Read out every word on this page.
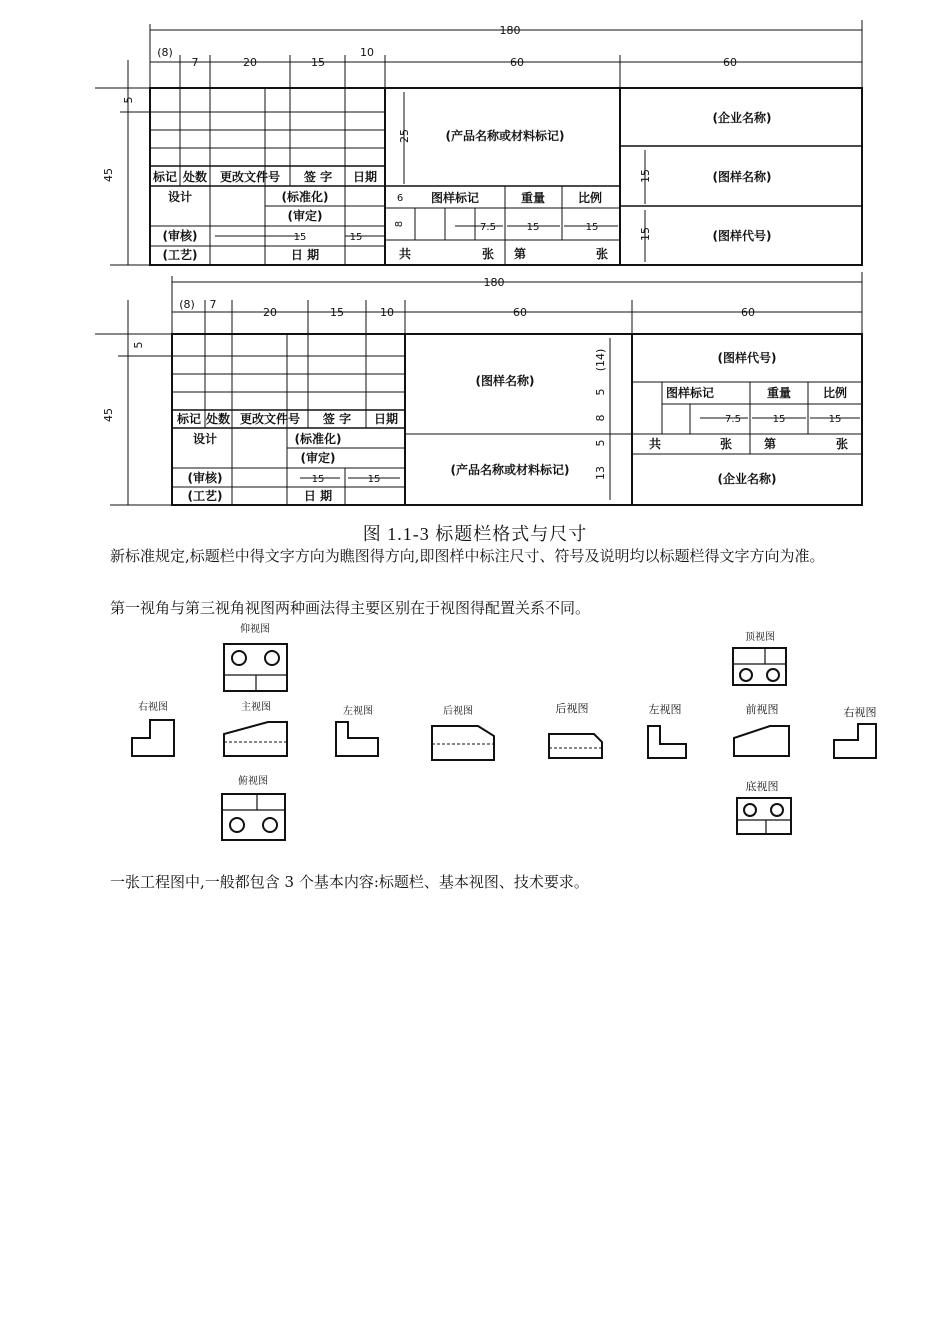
180
(8)
7	20	15
10
60	60
45
5
25
15
15
标记 处数 更改文件号 签 字 日期
设计	(标准化)
(审定)
(审核)
(工艺)	日 期
(产品名称或材料标记)
(企业名称)
(图样名称)
(图样代号)
图样标记	重量	比例
共	张 第	张
15	15
6
8	7.5	15	15
180
(8) 7
20	15	10	60	60
45
5
(14)
5
8
5
13
标记 处数 更改文件号 签 字 日期
设计	(标准化)
(审定)
(审核)
(工艺)	日 期
(图样名称)
(产品名称或材料标记)
(图样代号)
图样标记	重量	比例
共	张	第	张
(企业名称)
15	15
7.5	15	15
图 1.1-3 标题栏格式与尺寸
新标准规定,标题栏中得文字方向为瞧图得方向,即图样中标注尺寸、符号及说明均以标题栏得文字方向为准。
第一视角与第三视角视图两种画法得主要区别在于视图得配置关系不同。
仰视图
右视图	主视图	左视图	后视图
俯视图
顶视图
后视图	左视图	前视图	右视图
底视图
一张工程图中,一般都包含 3 个基本内容:标题栏、基本视图、技术要求。
